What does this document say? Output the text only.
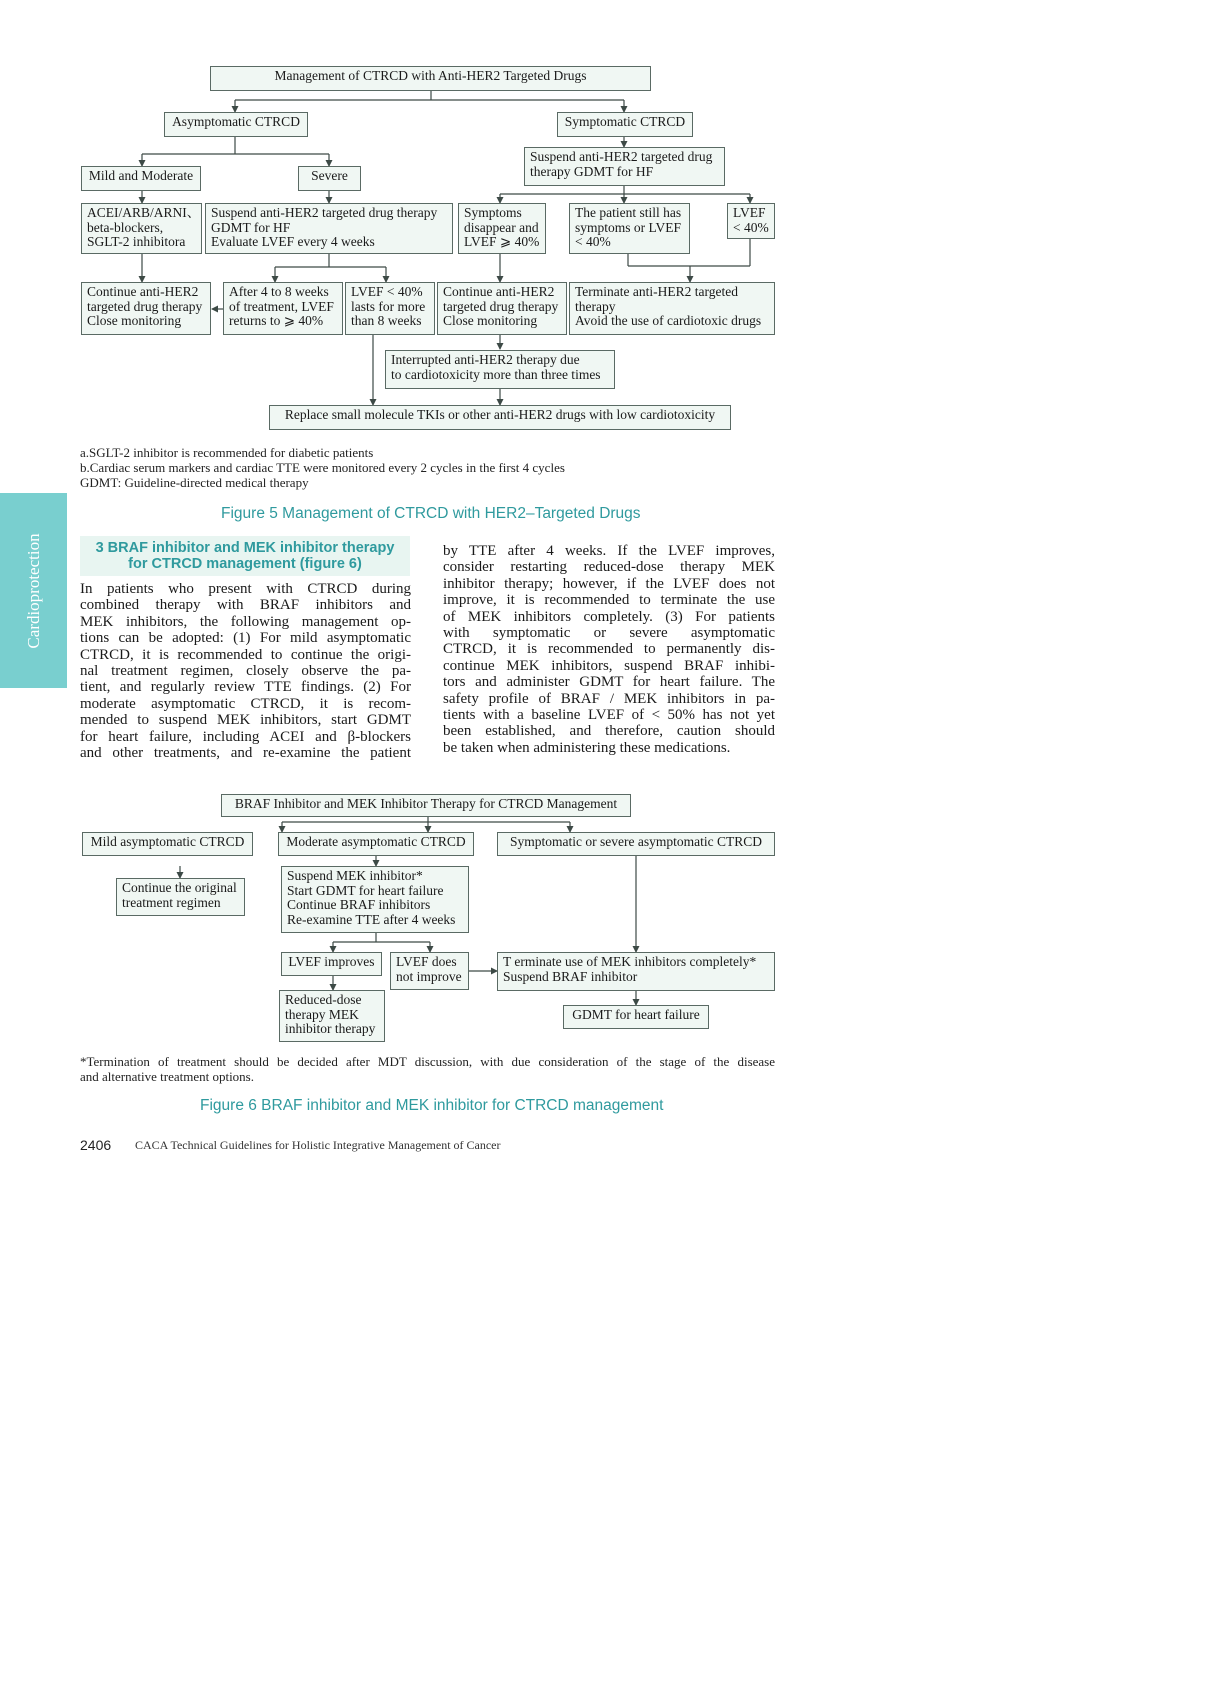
Management of CTRCD with Anti-HER2 Targeted Drugs
Asymptomatic CTRCD	Symptomatic CTRCD
Mild and Moderate	Severe
Suspend anti-HER2 targeted drug
therapy GDMT for HF
ACEI/ARB/ARNI、
beta-blockers,
SGLT-2 inhibitora
Suspend anti-HER2 targeted drug therapy
GDMT for HF
Evaluate LVEF every 4 weeks
Symptoms
disappear and
LVEF ⩾ 40%
The patient still has
symptoms or LVEF
< 40%
LVEF
< 40%
Continue anti-HER2
targeted drug therapy
Close monitoring
After 4 to 8 weeks
of treatment, LVEF
returns to ⩾ 40%
LVEF < 40%
lasts for more
than 8 weeks
Continue anti-HER2
targeted drug therapy
Close monitoring
Terminate anti-HER2 targeted
therapy
Avoid the use of cardiotoxic drugs
Interrupted anti-HER2 therapy due
to cardiotoxicity more than three times
Replace small molecule TKIs or other anti-HER2 drugs with low cardiotoxicity
a.SGLT-2 inhibitor is recommended for diabetic patients
b.Cardiac serum markers and cardiac TTE were monitored every 2 cycles in the first 4 cycles
GDMT: Guideline-directed medical therapy
Figure 5 Management of CTRCD with HER2–Targeted Drugs
Cardioprotection	3 BRAF inhibitor and MEK inhibitor therapy
for CTRCD management (figure 6)
In patients who present with CTRCD during
combined therapy with BRAF inhibitors and
MEK inhibitors, the following management op-
tions can be adopted: (1) For mild asymptomatic
CTRCD, it is recommended to continue the origi-
nal treatment regimen, closely observe the pa-
tient, and regularly review TTE findings. (2) For
moderate asymptomatic CTRCD, it is recom-
mended to suspend MEK inhibitors, start GDMT
for heart failure, including ACEI and β-blockers
and other treatments, and re-examine the patient
by TTE after 4 weeks. If the LVEF improves,
consider restarting reduced-dose therapy MEK
inhibitor therapy; however, if the LVEF does not
improve, it is recommended to terminate the use
of MEK inhibitors completely. (3) For patients
with symptomatic or severe asymptomatic
CTRCD, it is recommended to permanently dis-
continue MEK inhibitors, suspend BRAF inhibi-
tors and administer GDMT for heart failure. The
safety profile of BRAF / MEK inhibitors in pa-
tients with a baseline LVEF of < 50% has not yet
been established, and therefore, caution should
be taken when administering these medications.
BRAF Inhibitor and MEK Inhibitor Therapy for CTRCD Management
Mild asymptomatic CTRCD	Moderate asymptomatic CTRCD	Symptomatic or severe asymptomatic CTRCD
Continue the original
treatment regimen
Suspend MEK inhibitor*
Start GDMT for heart failure
Continue BRAF inhibitors
Re-examine TTE after 4 weeks
LVEF improves LVEF does
not improve
T erminate use of MEK inhibitors completely*
Suspend BRAF inhibitor
Reduced-dose
therapy MEK
inhibitor therapy
GDMT for heart failure
*Termination of treatment should be decided after MDT discussion, with due consideration of the stage of the disease
and alternative treatment options.
Figure 6 BRAF inhibitor and MEK inhibitor for CTRCD management
2406 CACA Technical Guidelines for Holistic Integrative Management of Cancer
